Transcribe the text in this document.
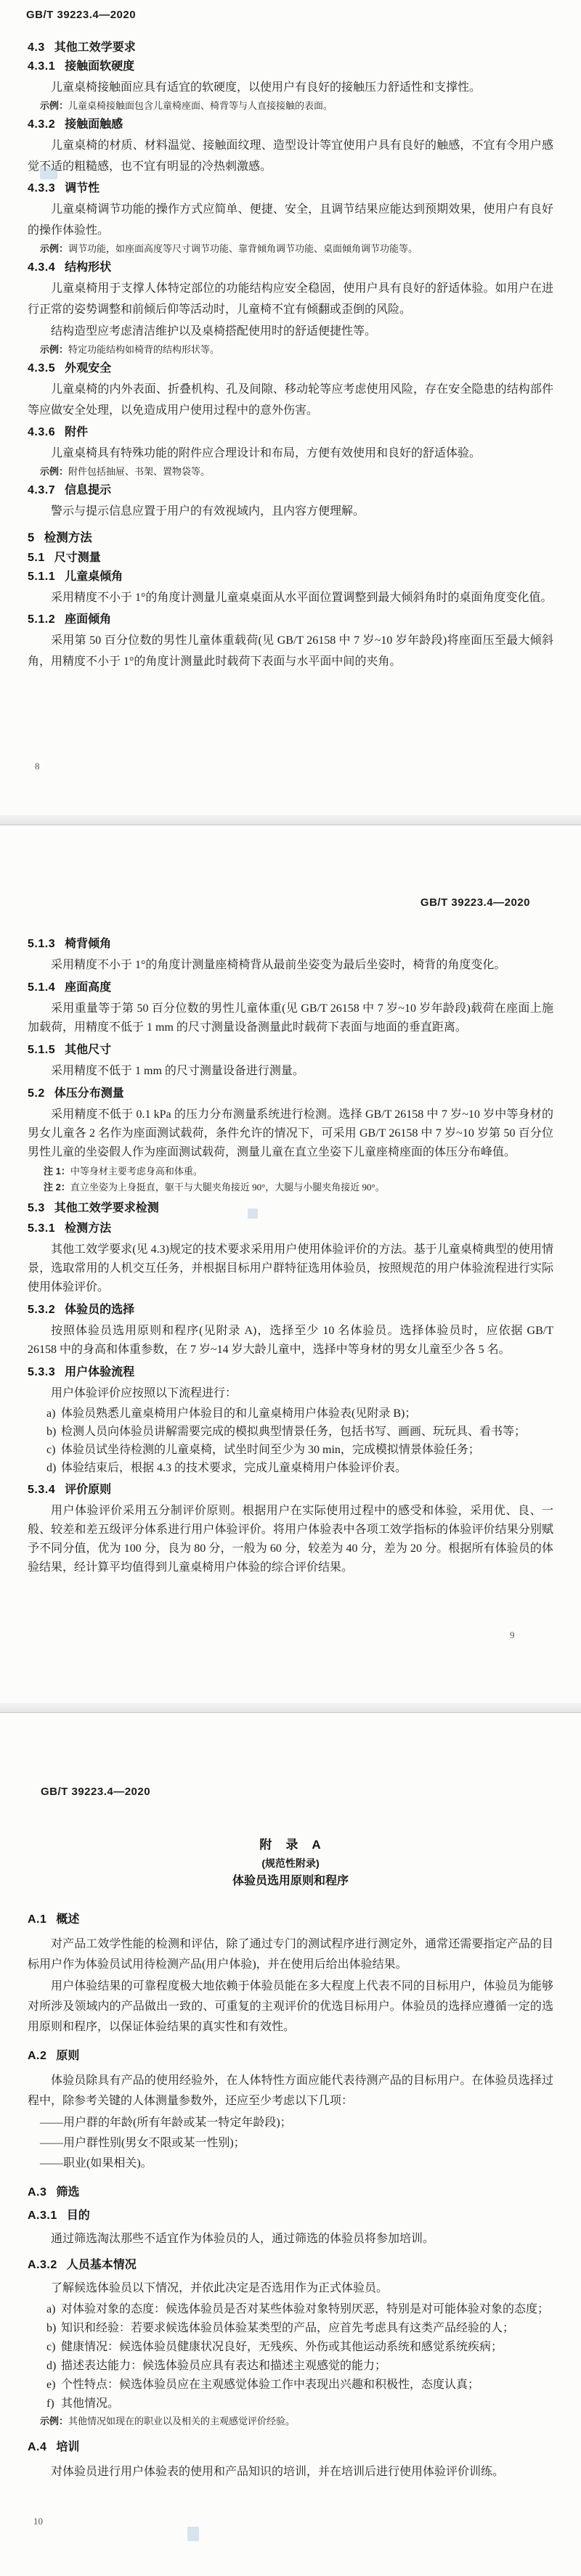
GB/T 39223.4—2020
4.3 其他工效学要求
4.3.1 接触面软硬度
儿童桌椅接触面应具有适宜的软硬度，以使用户有良好的接触压力舒适性和支撑性。
示例：儿童桌椅接触面包含儿童椅座面、椅背等与人直接接触的表面。
4.3.2 接触面触感
儿童桌椅的材质、材料温觉、接触面纹理、造型设计等宜使用户具有良好的触感，不宜有令用户感觉不适的粗糙感，也不宜有明显的冷热刺激感。
4.3.3 调节性
儿童桌椅调节功能的操作方式应简单、便捷、安全，且调节结果应能达到预期效果，使用户有良好的操作体验性。
示例：调节功能，如座面高度等尺寸调节功能、靠背倾角调节功能、桌面倾角调节功能等。
4.3.4 结构形状
儿童桌椅用于支撑人体特定部位的功能结构应安全稳固，使用户具有良好的舒适体验。如用户在进行正常的姿势调整和前倾后仰等活动时，儿童椅不宜有倾翻或歪倒的风险。
结构造型应考虑清洁维护以及桌椅搭配使用时的舒适便捷性等。
示例：特定功能结构如椅背的结构形状等。
4.3.5 外观安全
儿童桌椅的内外表面、折叠机构、孔及间隙、移动轮等应考虑使用风险，存在安全隐患的结构部件等应做安全处理，以免造成用户使用过程中的意外伤害。
4.3.6 附件
儿童桌椅具有特殊功能的附件应合理设计和布局，方便有效使用和良好的舒适体验。
示例：附件包括抽屉、书架、置物袋等。
4.3.7 信息提示
警示与提示信息应置于用户的有效视域内，且内容方便理解。
5 检测方法
5.1 尺寸测量
5.1.1 儿童桌倾角
采用精度不小于 1°的角度计测量儿童桌桌面从水平面位置调整到最大倾斜角时的桌面角度变化值。
5.1.2 座面倾角
采用第 50 百分位数的男性儿童体重载荷(见 GB/T 26158 中 7 岁~10 岁年龄段)将座面压至最大倾斜角，用精度不小于 1°的角度计测量此时载荷下表面与水平面中间的夹角。
8
GB/T 39223.4—2020
5.1.3 椅背倾角
采用精度不小于 1°的角度计测量座椅椅背从最前坐姿变为最后坐姿时，椅背的角度变化。
5.1.4 座面高度
采用重量等于第 50 百分位数的男性儿童体重(见 GB/T 26158 中 7 岁~10 岁年龄段)载荷在座面上施加载荷，用精度不低于 1 mm 的尺寸测量设备测量此时载荷下表面与地面的垂直距离。
5.1.5 其他尺寸
采用精度不低于 1 mm 的尺寸测量设备进行测量。
5.2 体压分布测量
采用精度不低于 0.1 kPa 的压力分布测量系统进行检测。选择 GB/T 26158 中 7 岁~10 岁中等身材的男女儿童各 2 名作为座面测试载荷，条件允许的情况下，可采用 GB/T 26158 中 7 岁~10 岁第 50 百分位男性儿童的坐姿假人作为座面测试载荷，测量儿童在直立坐姿下儿童座椅座面的体压分布峰值。
注 1：中等身材主要考虑身高和体重。
注 2：直立坐姿为上身挺直，躯干与大腿夹角接近 90°，大腿与小腿夹角接近 90°。
5.3 其他工效学要求检测
5.3.1 检测方法
其他工效学要求(见 4.3)规定的技术要求采用用户使用体验评价的方法。基于儿童桌椅典型的使用情景，选取常用的人机交互任务，并根据目标用户群特征选用体验员，按照规范的用户体验流程进行实际使用体验评价。
5.3.2 体验员的选择
按照体验员选用原则和程序(见附录 A)，选择至少 10 名体验员。选择体验员时，应依据 GB/T 26158 中的身高和体重参数，在 7 岁~14 岁大龄儿童中，选择中等身材的男女儿童至少各 5 名。
5.3.3 用户体验流程
用户体验评价应按照以下流程进行：
a) 体验员熟悉儿童桌椅用户体验目的和儿童桌椅用户体验表(见附录 B)；
b) 检测人员向体验员讲解需要完成的模拟典型情景任务，包括书写、画画、玩玩具、看书等；
c) 体验员试坐待检测的儿童桌椅，试坐时间至少为 30 min，完成模拟情景体验任务；
d) 体验结束后，根据 4.3 的技术要求，完成儿童桌椅用户体验评价表。
5.3.4 评价原则
用户体验评价采用五分制评价原则。根据用户在实际使用过程中的感受和体验，采用优、良、一般、较差和差五级评分体系进行用户体验评价。将用户体验表中各项工效学指标的体验评价结果分别赋予不同分值，优为 100 分，良为 80 分，一般为 60 分，较差为 40 分，差为 20 分。根据所有体验员的体验结果，经计算平均值得到儿童桌椅用户体验的综合评价结果。
9
GB/T 39223.4—2020
附　录　A
(规范性附录)
体验员选用原则和程序
A.1 概述
对产品工效学性能的检测和评估，除了通过专门的测试程序进行测定外，通常还需要指定产品的目标用户作为体验员试用待检测产品(用户体验)，并在使用后给出体验结果。
用户体验结果的可靠程度极大地依赖于体验员能在多大程度上代表不同的目标用户，体验员为能够对所涉及领域内的产品做出一致的、可重复的主观评价的优选目标用户。体验员的选择应遵循一定的选用原则和程序，以保证体验结果的真实性和有效性。
A.2 原则
体验员除具有产品的使用经验外，在人体特性方面应能代表待测产品的目标用户。在体验员选择过程中，除参考关键的人体测量参数外，还应至少考虑以下几项：
——用户群的年龄(所有年龄或某一特定年龄段)；
——用户群性别(男女不限或某一性别)；
——职业(如果相关)。
A.3 筛选
A.3.1 目的
通过筛选淘汰那些不适宜作为体验员的人，通过筛选的体验员将参加培训。
A.3.2 人员基本情况
了解候选体验员以下情况，并依此决定是否选用作为正式体验员。
a) 对体验对象的态度：候选体验员是否对某些体验对象特别厌恶，特别是对可能体验对象的态度；
b) 知识和经验：若要求候选体验员体验某类型的产品，应首先考虑具有这类产品经验的人；
c) 健康情况：候选体验员健康状况良好，无残疾、外伤或其他运动系统和感觉系统疾病；
d) 描述表达能力：候选体验员应具有表达和描述主观感觉的能力；
e) 个性特点：候选体验员应在主观感觉体验工作中表现出兴趣和积极性，态度认真；
f) 其他情况。
示例：其他情况如现在的职业以及相关的主观感觉评价经验。
A.4 培训
对体验员进行用户体验表的使用和产品知识的培训，并在培训后进行使用体验评价训练。
10
